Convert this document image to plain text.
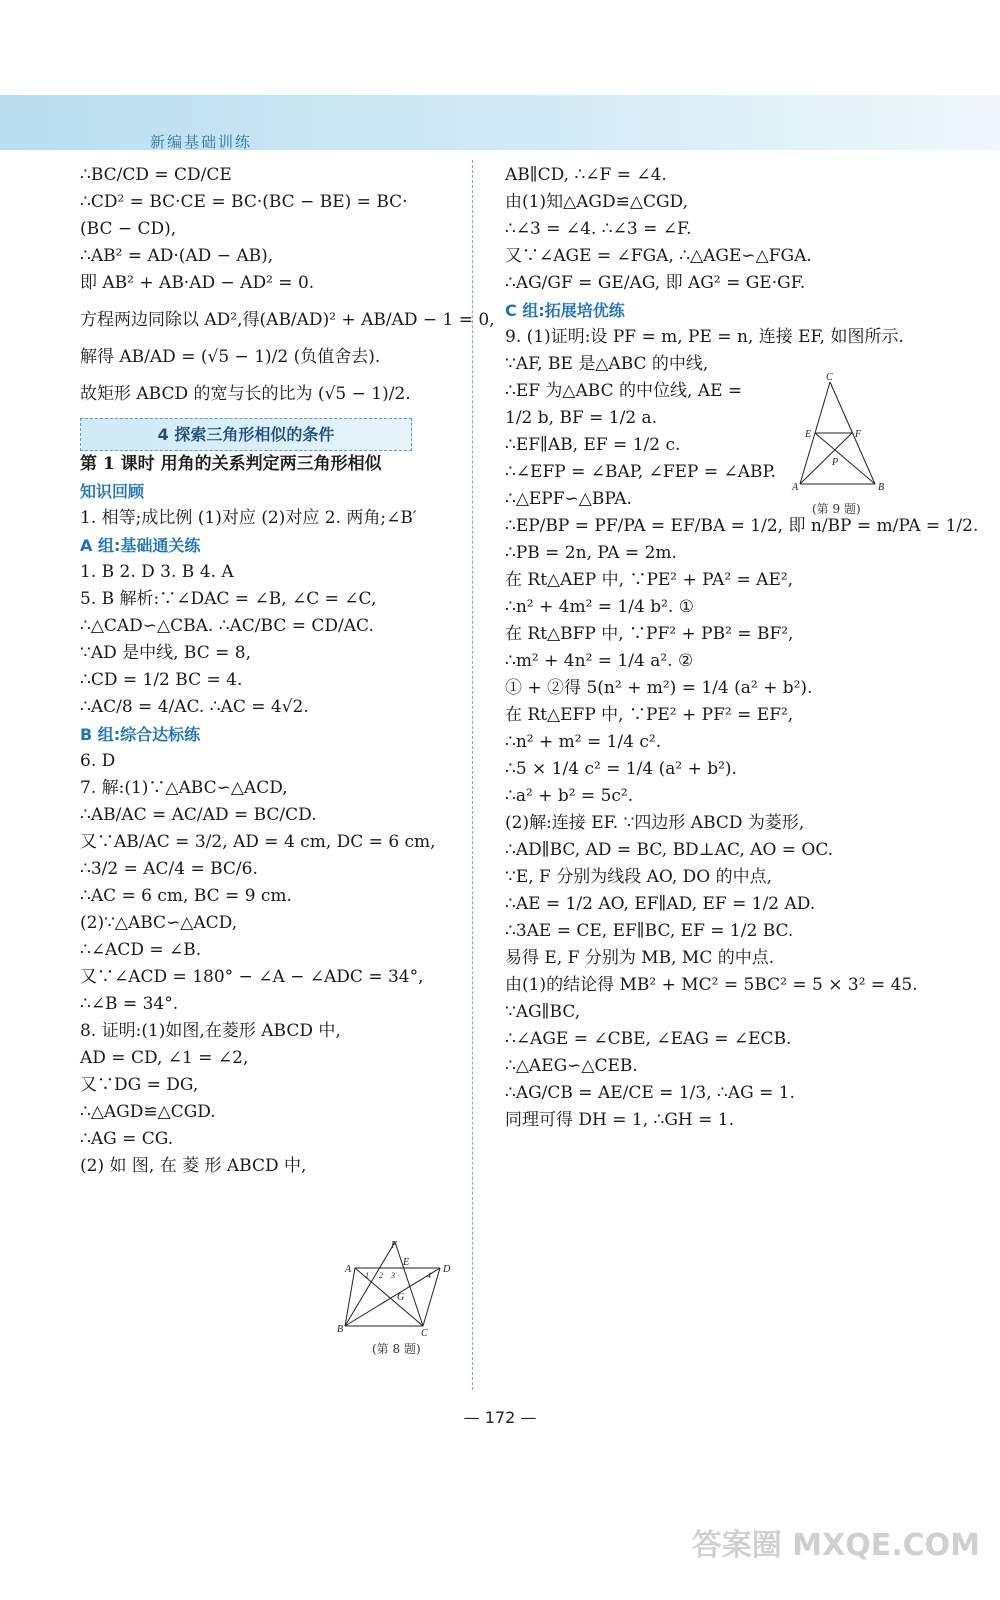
新编基础训练
∴BC/CD = CD/CE
∴CD² = BC·CE = BC·(BC − BE) = BC·
(BC − CD),
∴AB² = AD·(AD − AB),
即 AB² + AB·AD − AD² = 0.
方程两边同除以 AD²,得(AB/AD)² + AB/AD − 1 = 0,
解得 AB/AD = (√5 − 1)/2 (负值舍去).
故矩形 ABCD 的宽与长的比为 (√5 − 1)/2.
4 探索三角形相似的条件
第 1 课时 用角的关系判定两三角形相似
知识回顾
1. 相等;成比例 (1)对应 (2)对应 2. 两角;∠B′
A 组:基础通关练
1. B 2. D 3. B 4. A
5. B 解析:∵∠DAC = ∠B, ∠C = ∠C,
∴△CAD∽△CBA. ∴AC/BC = CD/AC.
∵AD 是中线, BC = 8,
∴CD = 1/2 BC = 4.
∴AC/8 = 4/AC. ∴AC = 4√2.
B 组:综合达标练
6. D
7. 解:(1)∵△ABC∽△ACD,
∴AB/AC = AC/AD = BC/CD.
又∵AB/AC = 3/2, AD = 4 cm, DC = 6 cm,
∴3/2 = AC/4 = BC/6.
∴AC = 6 cm, BC = 9 cm.
(2)∵△ABC∽△ACD,
∴∠ACD = ∠B.
又∵∠ACD = 180° − ∠A − ∠ADC = 34°,
∴∠B = 34°.
8. 证明:(1)如图,在菱形 ABCD 中,
AD = CD, ∠1 = ∠2,
又∵DG = DG,
∴△AGD≌△CGD.
∴AG = CG.
(2) 如 图, 在 菱 形 ABCD 中,
AB∥CD, ∴∠F = ∠4.
由(1)知△AGD≌△CGD,
∴∠3 = ∠4. ∴∠3 = ∠F.
又∵∠AGE = ∠FGA, ∴△AGE∽△FGA.
∴AG/GF = GE/AG, 即 AG² = GE·GF.
C 组:拓展培优练
9. (1)证明:设 PF = m, PE = n, 连接 EF, 如图所示.
∵AF, BE 是△ABC 的中线,
∴EF 为△ABC 的中位线, AE =
1/2 b, BF = 1/2 a.
∴EF∥AB, EF = 1/2 c.
∴∠EFP = ∠BAP, ∠FEP = ∠ABP.
∴△EPF∽△BPA.
∴EP/BP = PF/PA = EF/BA = 1/2, 即 n/BP = m/PA = 1/2.
∴PB = 2n, PA = 2m.
在 Rt△AEP 中, ∵PE² + PA² = AE²,
∴n² + 4m² = 1/4 b². ①
在 Rt△BFP 中, ∵PF² + PB² = BF²,
∴m² + 4n² = 1/4 a². ②
① + ②得 5(n² + m²) = 1/4 (a² + b²).
在 Rt△EFP 中, ∵PE² + PF² = EF²,
∴n² + m² = 1/4 c².
∴5 × 1/4 c² = 1/4 (a² + b²).
∴a² + b² = 5c².
(2)解:连接 EF. ∵四边形 ABCD 为菱形,
∴AD∥BC, AD = BC, BD⊥AC, AO = OC.
∵E, F 分别为线段 AO, DO 的中点,
∴AE = 1/2 AO, EF∥AD, EF = 1/2 AD.
∴3AE = CE, EF∥BC, EF = 1/2 BC.
易得 E, F 分别为 MB, MC 的中点.
由(1)的结论得 MB² + MC² = 5BC² = 5 × 3² = 45.
∵AG∥BC,
∴∠AGE = ∠CBE, ∠EAG = ∠ECB.
∴△AEG∽△CEB.
∴AG/CB = AE/CE = 1/3, ∴AG = 1.
同理可得 DH = 1, ∴GH = 1.
F
A
E
D
B	C
G
1 2 3	4
(第 8 题)
C
E	F
P
A	B
(第 9 题)
— 172 —
答案圈 MXQE.COM
